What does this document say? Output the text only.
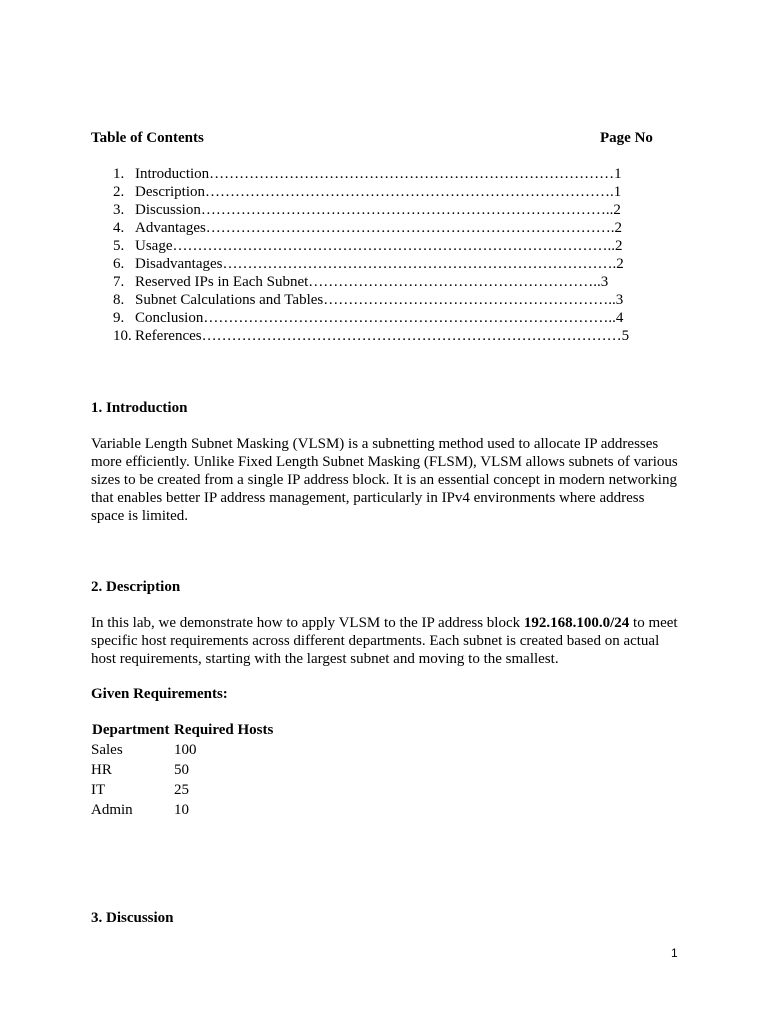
Table of Contents	Page No
1. Introduction………………………………………………………………………1
2. Description……………………………………………………………………….1
3. Discussion………………………………………………………………………..2
4. Advantages……………………………………………………………………….2
5. Usage……………………………………………………………………………..2
6. Disadvantages…………………………………………………………………….2
7. Reserved IPs in Each Subnet…………………………………………………..3
8. Subnet Calculations and Tables…………………………………………………..3
9. Conclusion………………………………………………………………………..4
10. References…………………………………………………………………………5
1. Introduction
Variable Length Subnet Masking (VLSM) is a subnetting method used to allocate IP addresses more efficiently. Unlike Fixed Length Subnet Masking (FLSM), VLSM allows subnets of various sizes to be created from a single IP address block. It is an essential concept in modern networking that enables better IP address management, particularly in IPv4 environments where address space is limited.
2. Description
In this lab, we demonstrate how to apply VLSM to the IP address block 192.168.100.0/24 to meet specific host requirements across different departments. Each subnet is created based on actual host requirements, starting with the largest subnet and moving to the smallest.
Given Requirements:
Department	Required Hosts
Sales	100
HR	50
IT	25
Admin	10
3. Discussion
1
